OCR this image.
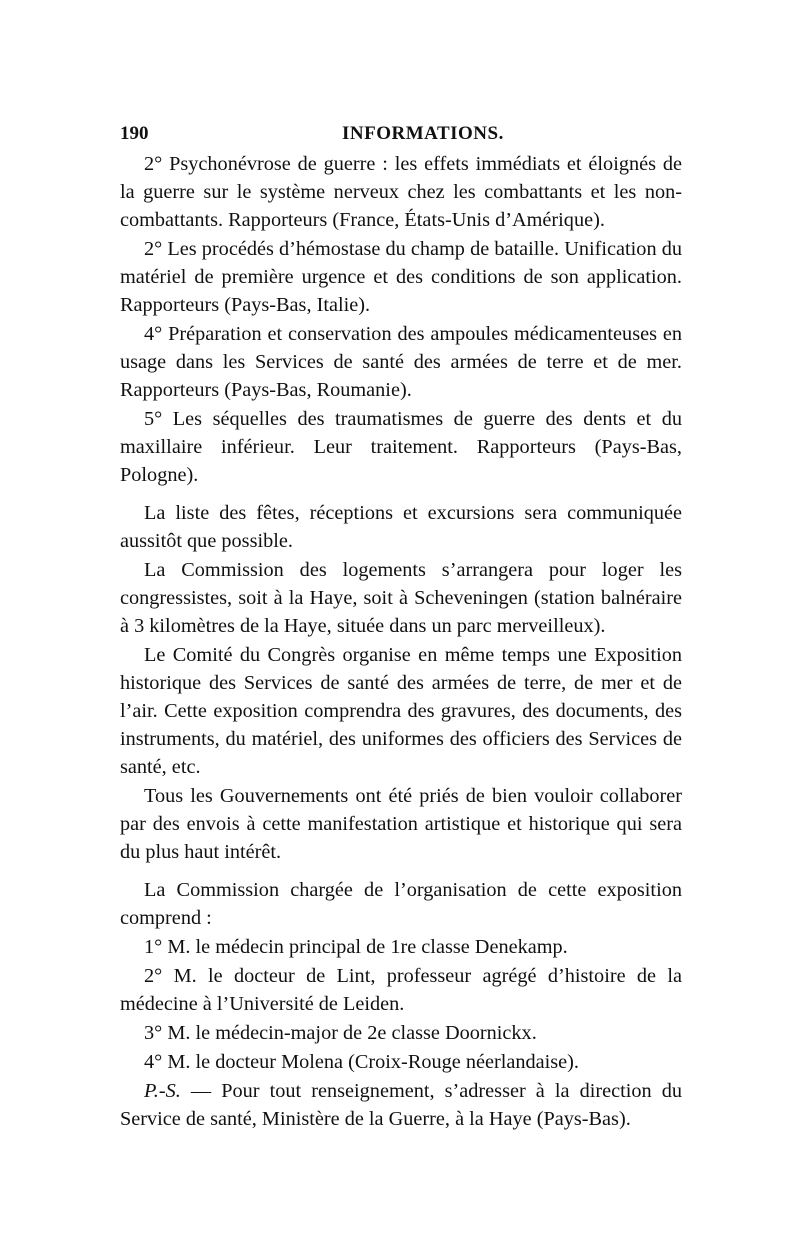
190	INFORMATIONS.

2° Psychonévrose de guerre : les effets immédiats et éloignés de la guerre sur le système nerveux chez les combattants et les non-combattants. Rapporteurs (France, États-Unis d’Amérique).

2° Les procédés d’hémostase du champ de bataille. Unification du matériel de première urgence et des conditions de son application. Rapporteurs (Pays-Bas, Italie).

4° Préparation et conservation des ampoules médicamenteuses en usage dans les Services de santé des armées de terre et de mer. Rapporteurs (Pays-Bas, Roumanie).

5° Les séquelles des traumatismes de guerre des dents et du maxillaire inférieur. Leur traitement. Rapporteurs (Pays-Bas, Pologne).

La liste des fêtes, réceptions et excursions sera communiquée aussitôt que possible.

La Commission des logements s’arrangera pour loger les congressistes, soit à la Haye, soit à Scheveningen (station balnéraire à 3 kilomètres de la Haye, située dans un parc merveilleux).

Le Comité du Congrès organise en même temps une Exposition historique des Services de santé des armées de terre, de mer et de l’air. Cette exposition comprendra des gravures, des documents, des instruments, du matériel, des uniformes des officiers des Services de santé, etc.

Tous les Gouvernements ont été priés de bien vouloir collaborer par des envois à cette manifestation artistique et historique qui sera du plus haut intérêt.

La Commission chargée de l’organisation de cette exposition comprend :

1° M. le médecin principal de 1re classe Denekamp.

2° M. le docteur de Lint, professeur agrégé d’histoire de la médecine à l’Université de Leiden.

3° M. le médecin-major de 2e classe Doornickx.

4° M. le docteur Molena (Croix-Rouge néerlandaise).

P.-S. — Pour tout renseignement, s’adresser à la direction du Service de santé, Ministère de la Guerre, à la Haye (Pays-Bas).
